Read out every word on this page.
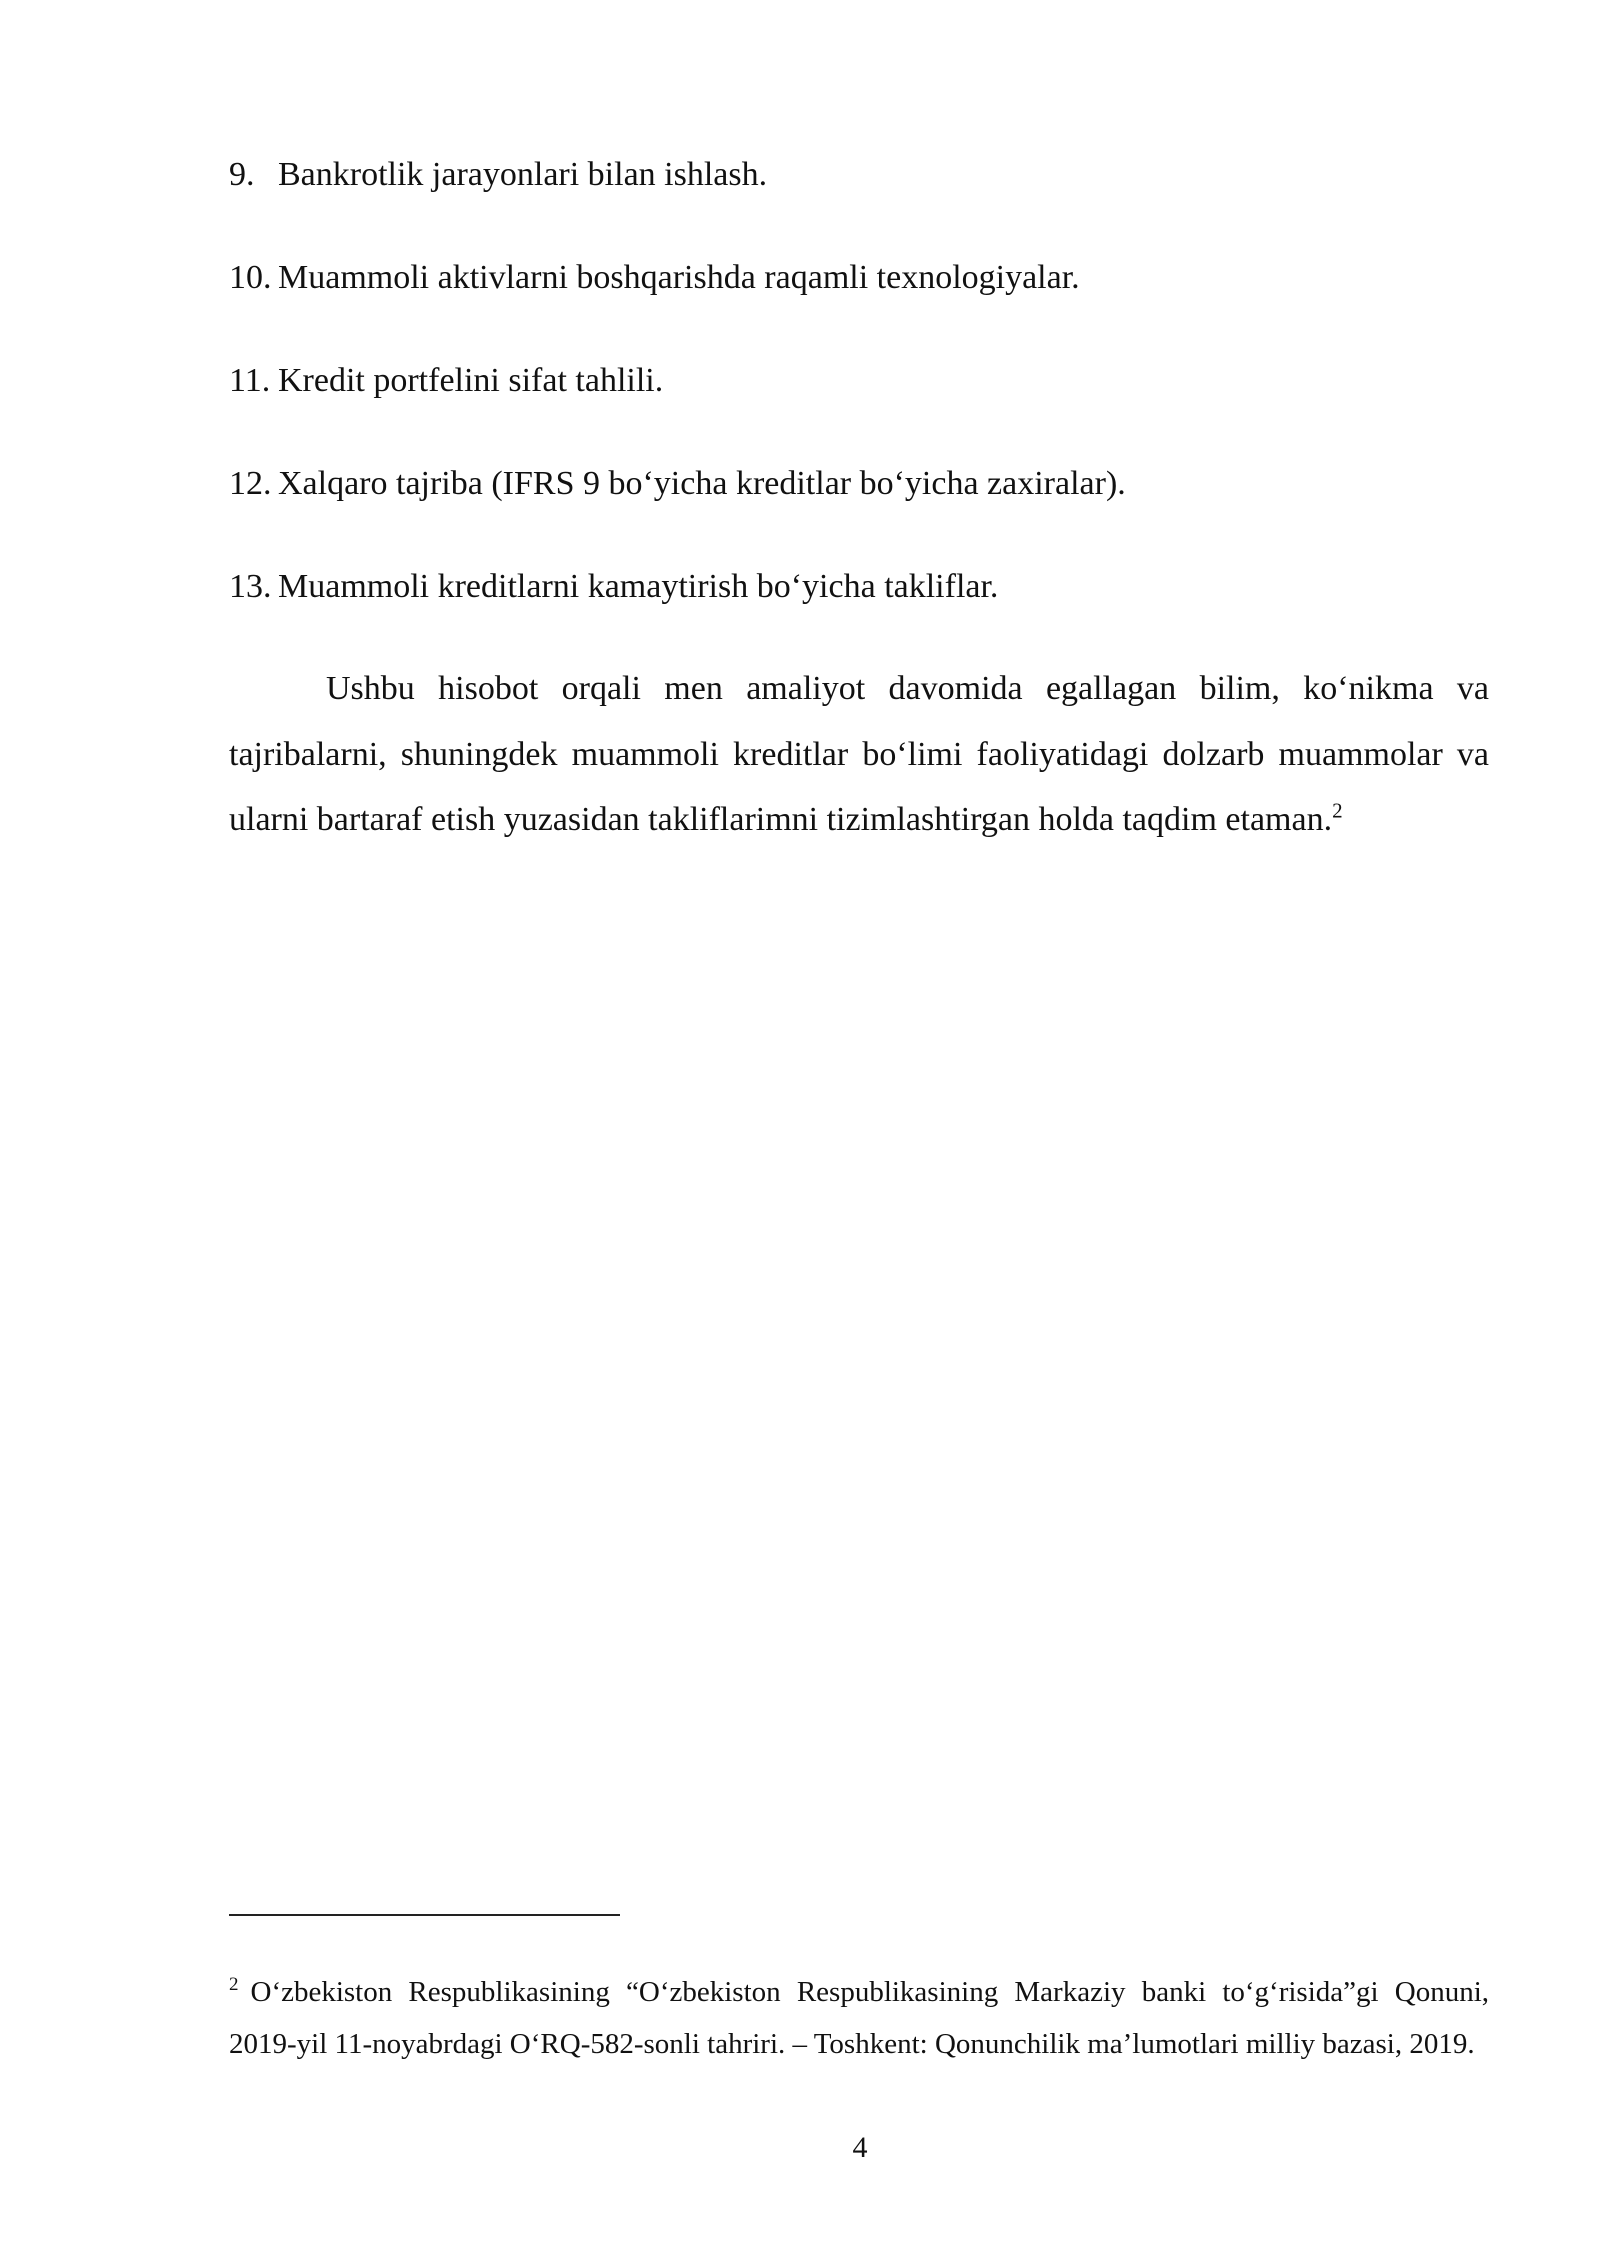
9. Bankrotlik jarayonlari bilan ishlash.
10. Muammoli aktivlarni boshqarishda raqamli texnologiyalar.
11. Kredit portfelini sifat tahlili.
12. Xalqaro tajriba (IFRS 9 bo‘yicha kreditlar bo‘yicha zaxiralar).
13. Muammoli kreditlarni kamaytirish bo‘yicha takliflar.

Ushbu hisobot orqali men amaliyot davomida egallagan bilim, ko‘nikma va tajribalarni, shuningdek muammoli kreditlar bo‘limi faoliyatidagi dolzarb muammolar va ularni bartaraf etish yuzasidan takliflarimni tizimlashtirgan holda taqdim etaman.$^2$

$^2$ O‘zbekiston Respublikasining “O‘zbekiston Respublikasining Markaziy banki to‘g‘risida”gi Qonuni, 2019-yil 11-noyabrdagi O‘RQ-582-sonli tahriri. – Toshkent: Qonunchilik ma’lumotlari milliy bazasi, 2019.

4
